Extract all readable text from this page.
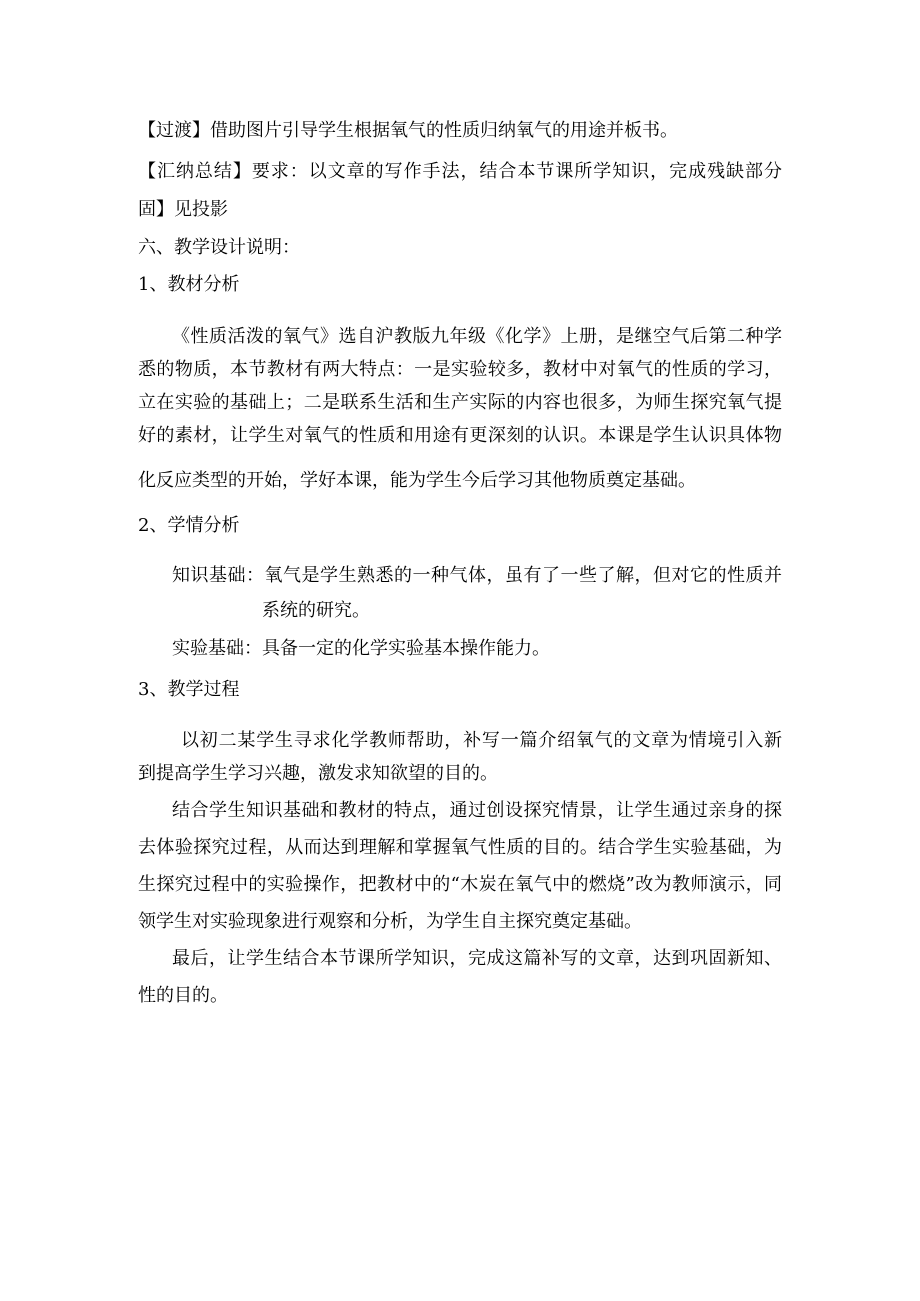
【过渡】借助图片引导学生根据氧气的性质归纳氧气的用途并板书。
【汇纳总结】要求：以文章的写作手法，结合本节课所学知识，完成残缺部分
固】见投影
六、教学设计说明：
1、教材分析
《性质活泼的氧气》选自沪教版九年级《化学》上册，是继空气后第二种学
悉的物质，本节教材有两大特点：一是实验较多，教材中对氧气的性质的学习，
立在实验的基础上；二是联系生活和生产实际的内容也很多，为师生探究氧气提
好的素材，让学生对氧气的性质和用途有更深刻的认识。本课是学生认识具体物
化反应类型的开始，学好本课，能为学生今后学习其他物质奠定基础。
2、学情分析
知识基础：氧气是学生熟悉的一种气体，虽有了一些了解，但对它的性质并
系统的研究。
实验基础：具备一定的化学实验基本操作能力。
3、教学过程
以初二某学生寻求化学教师帮助，补写一篇介绍氧气的文章为情境引入新
到提高学生学习兴趣，激发求知欲望的目的。
结合学生知识基础和教材的特点，通过创设探究情景，让学生通过亲身的探
去体验探究过程，从而达到理解和掌握氧气性质的目的。结合学生实验基础，为
生探究过程中的实验操作，把教材中的“木炭在氧气中的燃烧”改为教师演示，同
领学生对实验现象进行观察和分析，为学生自主探究奠定基础。
最后，让学生结合本节课所学知识，完成这篇补写的文章，达到巩固新知、
性的目的。
